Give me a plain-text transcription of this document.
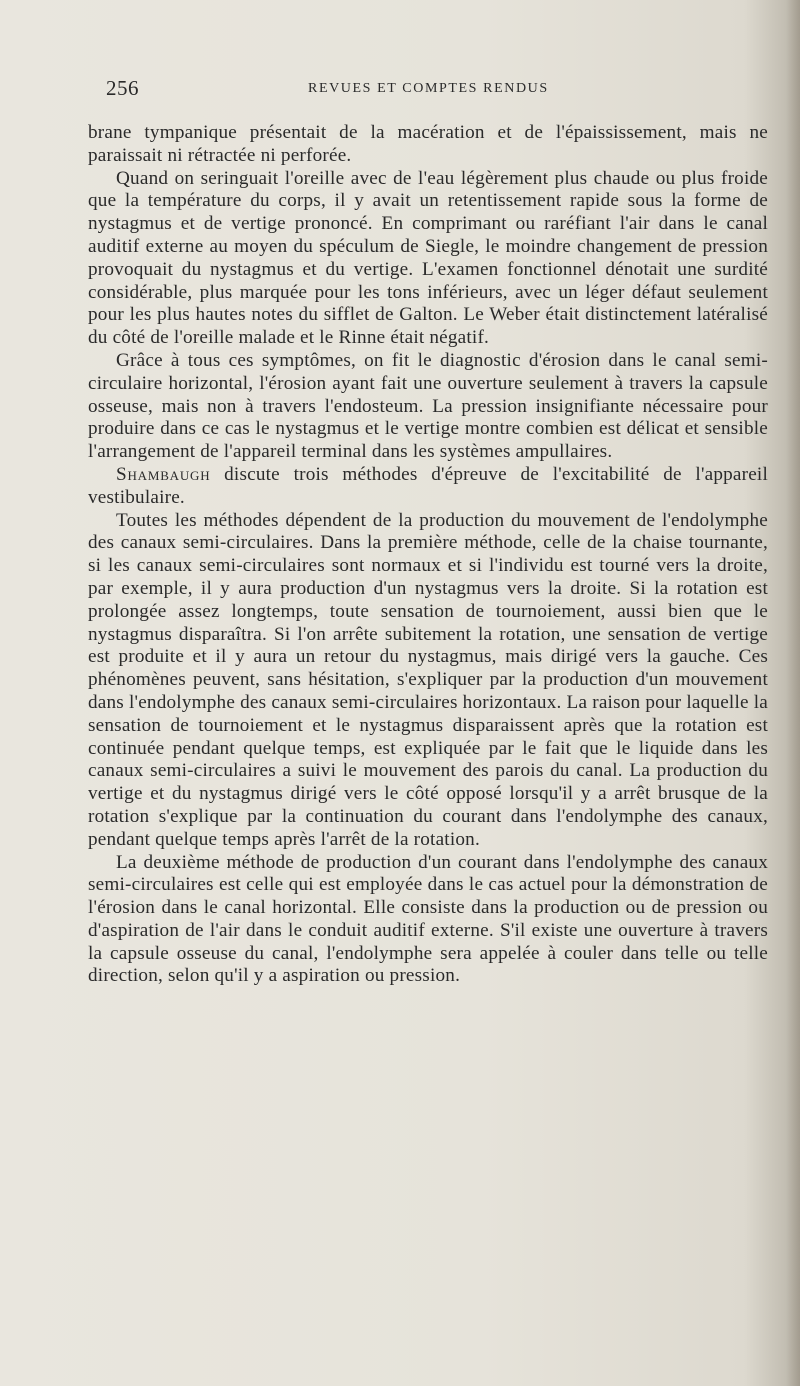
256	REVUES ET COMPTES RENDUS

brane tympanique présentait de la macération et de l'épaississement, mais ne paraissait ni rétractée ni perforée.

Quand on seringuait l'oreille avec de l'eau légèrement plus chaude ou plus froide que la température du corps, il y avait un retentissement rapide sous la forme de nystagmus et de vertige prononcé. En comprimant ou raréfiant l'air dans le canal auditif externe au moyen du spéculum de Siegle, le moindre changement de pression provoquait du nystagmus et du vertige. L'examen fonctionnel dénotait une surdité considérable, plus marquée pour les tons inférieurs, avec un léger défaut seulement pour les plus hautes notes du sifflet de Galton. Le Weber était distinctement latéralisé du côté de l'oreille malade et le Rinne était négatif.

Grâce à tous ces symptômes, on fit le diagnostic d'érosion dans le canal semi-circulaire horizontal, l'érosion ayant fait une ouverture seulement à travers la capsule osseuse, mais non à travers l'endosteum. La pression insignifiante nécessaire pour produire dans ce cas le nystagmus et le vertige montre combien est délicat et sensible l'arrangement de l'appareil terminal dans les systèmes ampullaires.

Shambaugh discute trois méthodes d'épreuve de l'excitabilité de l'appareil vestibulaire.

Toutes les méthodes dépendent de la production du mouvement de l'endolymphe des canaux semi-circulaires. Dans la première méthode, celle de la chaise tournante, si les canaux semi-circulaires sont normaux et si l'individu est tourné vers la droite, par exemple, il y aura production d'un nystagmus vers la droite. Si la rotation est prolongée assez longtemps, toute sensation de tournoiement, aussi bien que le nystagmus disparaîtra. Si l'on arrête subitement la rotation, une sensation de vertige est produite et il y aura un retour du nystagmus, mais dirigé vers la gauche. Ces phénomènes peuvent, sans hésitation, s'expliquer par la production d'un mouvement dans l'endolymphe des canaux semi-circulaires horizontaux. La raison pour laquelle la sensation de tournoiement et le nystagmus disparaissent après que la rotation est continuée pendant quelque temps, est expliquée par le fait que le liquide dans les canaux semi-circulaires a suivi le mouvement des parois du canal. La production du vertige et du nystagmus dirigé vers le côté opposé lorsqu'il y a arrêt brusque de la rotation s'explique par la continuation du courant dans l'endolymphe des canaux, pendant quelque temps après l'arrêt de la rotation.

La deuxième méthode de production d'un courant dans l'endolymphe des canaux semi-circulaires est celle qui est employée dans le cas actuel pour la démonstration de l'érosion dans le canal horizontal. Elle consiste dans la production ou de pression ou d'aspiration de l'air dans le conduit auditif externe. S'il existe une ouverture à travers la capsule osseuse du canal, l'endolymphe sera appelée à couler dans telle ou telle direction, selon qu'il y a aspiration ou pression.
